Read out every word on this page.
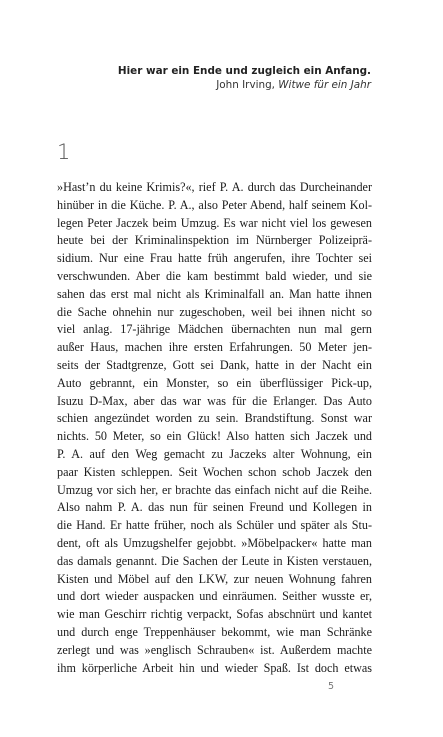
Hier war ein Ende und zugleich ein Anfang.
John Irving, Witwe für ein Jahr
1
»Hast’n du keine Krimis?«, rief P. A. durch das Durcheinander
hinüber in die Küche. P. A., also Peter Abend, half seinem Kol-
legen Peter Jaczek beim Umzug. Es war nicht viel los gewesen
heute bei der Kriminalinspektion im Nürnberger Polizeiprä-
sidium. Nur eine Frau hatte früh angerufen, ihre Tochter sei
verschwunden. Aber die kam bestimmt bald wieder, und sie
sahen das erst mal nicht als Kriminalfall an. Man hatte ihnen
die Sache ohnehin nur zugeschoben, weil bei ihnen nicht so
viel anlag. 17-jährige Mädchen übernachten nun mal gern
außer Haus, machen ihre ersten Erfahrungen. 50 Meter jen-
seits der Stadtgrenze, Gott sei Dank, hatte in der Nacht ein
Auto gebrannt, ein Monster, so ein überflüssiger Pick-up,
Isuzu D-Max, aber das war was für die Erlanger. Das Auto
schien angezündet worden zu sein. Brandstiftung. Sonst war
nichts. 50 Meter, so ein Glück! Also hatten sich Jaczek und
P. A. auf den Weg gemacht zu Jaczeks alter Wohnung, ein
paar Kisten schleppen. Seit Wochen schon schob Jaczek den
Umzug vor sich her, er brachte das einfach nicht auf die Reihe.
Also nahm P. A. das nun für seinen Freund und Kollegen in
die Hand. Er hatte früher, noch als Schüler und später als Stu-
dent, oft als Umzugshelfer gejobbt. »Möbelpacker« hatte man
das damals genannt. Die Sachen der Leute in Kisten verstauen,
Kisten und Möbel auf den LKW, zur neuen Wohnung fahren
und dort wieder auspacken und einräumen. Seither wusste er,
wie man Geschirr richtig verpackt, Sofas abschnürt und kantet
und durch enge Treppenhäuser bekommt, wie man Schränke
zerlegt und was »englisch Schrauben« ist. Außerdem machte
ihm körperliche Arbeit hin und wieder Spaß. Ist doch etwas
5
